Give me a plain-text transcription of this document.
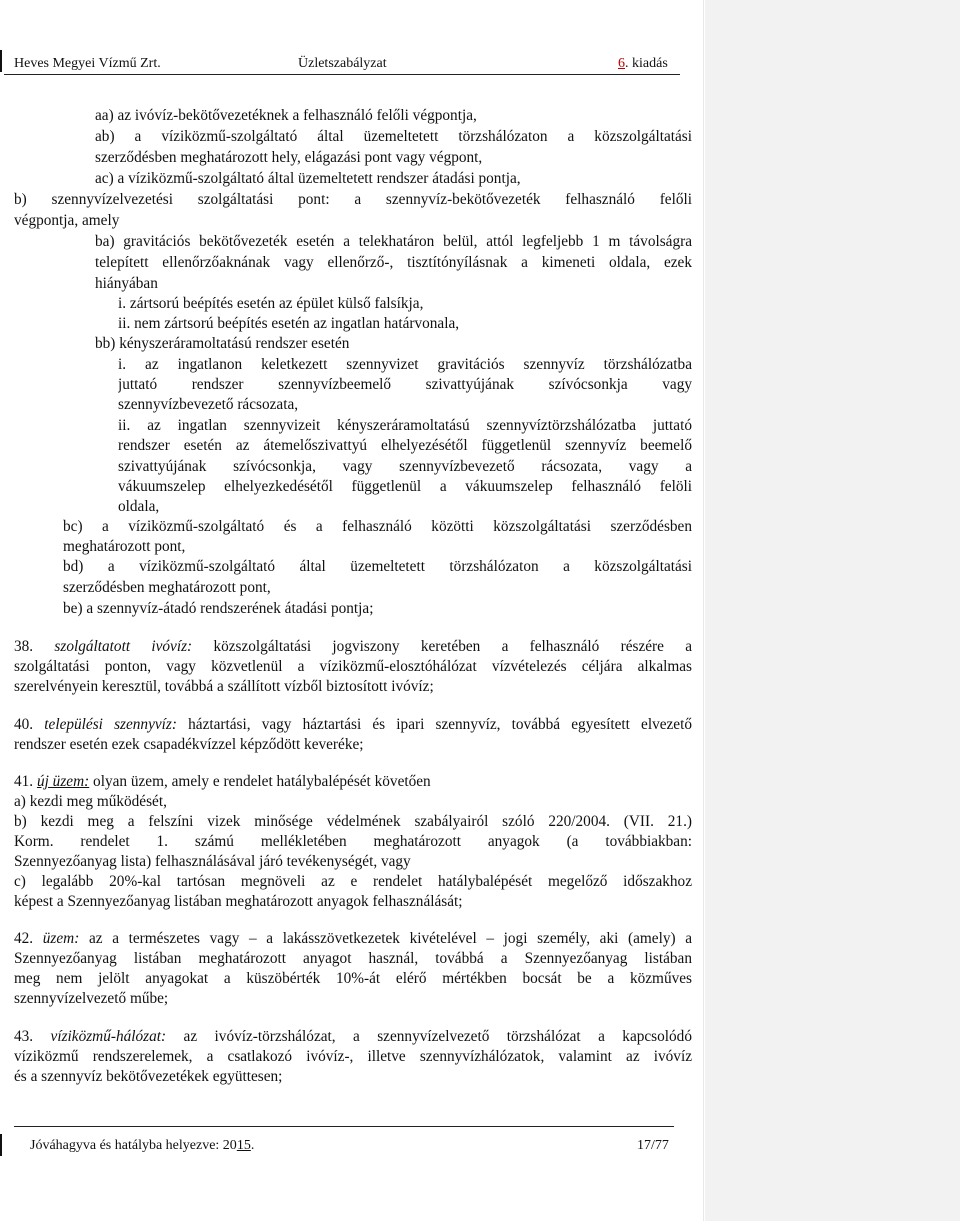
Heves Megyei Vízmű Zrt.	Üzletszabályzat	6. kiadás
aa) az ivóvíz-bekötővezetéknek a felhasználó felőli végpontja,
ab) a víziközmű-szolgáltató által üzemeltetett törzshálózaton a közszolgáltatási
szerződésben meghatározott hely, elágazási pont vagy végpont,
ac) a víziközmű-szolgáltató által üzemeltetett rendszer átadási pontja,
b) szennyvízelvezetési szolgáltatási pont: a szennyvíz-bekötővezeték felhasználó felőli
végpontja, amely
ba) gravitációs bekötővezeték esetén a telekhatáron belül, attól legfeljebb 1 m távolságra
telepített ellenőrzőaknának vagy ellenőrző-, tisztítónyílásnak a kimeneti oldala, ezek
hiányában
i. zártsorú beépítés esetén az épület külső falsíkja,
ii. nem zártsorú beépítés esetén az ingatlan határvonala,
bb) kényszeráramoltatású rendszer esetén
i. az ingatlanon keletkezett szennyvizet gravitációs szennyvíz törzshálózatba
juttató rendszer szennyvízbeemelő szivattyújának szívócsonkja vagy
szennyvízbevezető rácsozata,
ii. az ingatlan szennyvizeit kényszeráramoltatású szennyvíztörzshálózatba juttató
rendszer esetén az átemelőszivattyú elhelyezésétől függetlenül szennyvíz beemelő
szivattyújának szívócsonkja, vagy szennyvízbevezető rácsozata, vagy a
vákuumszelep elhelyezkedésétől függetlenül a vákuumszelep felhasználó felöli
oldala,
bc) a víziközmű-szolgáltató és a felhasználó közötti közszolgáltatási szerződésben
meghatározott pont,
bd) a víziközmű-szolgáltató által üzemeltetett törzshálózaton a közszolgáltatási
szerződésben meghatározott pont,
be) a szennyvíz-átadó rendszerének átadási pontja;
38. szolgáltatott ivóvíz: közszolgáltatási jogviszony keretében a felhasználó részére a
szolgáltatási ponton, vagy közvetlenül a víziközmű-elosztóhálózat vízvételezés céljára alkalmas
szerelvényein keresztül, továbbá a szállított vízből biztosított ivóvíz;
40. települési szennyvíz: háztartási, vagy háztartási és ipari szennyvíz, továbbá egyesített elvezető
rendszer esetén ezek csapadékvízzel képződött keveréke;
41. új üzem: olyan üzem, amely e rendelet hatálybalépését követően
a) kezdi meg működését,
b) kezdi meg a felszíni vizek minősége védelmének szabályairól szóló 220/2004. (VII. 21.)
Korm. rendelet 1. számú mellékletében meghatározott anyagok (a továbbiakban:
Szennyezőanyag lista) felhasználásával járó tevékenységét, vagy
c) legalább 20%-kal tartósan megnöveli az e rendelet hatálybalépését megelőző időszakhoz
képest a Szennyezőanyag listában meghatározott anyagok felhasználását;
42. üzem: az a természetes vagy – a lakásszövetkezetek kivételével – jogi személy, aki (amely) a
Szennyezőanyag listában meghatározott anyagot használ, továbbá a Szennyezőanyag listában
meg nem jelölt anyagokat a küszöbérték 10%-át elérő mértékben bocsát be a közműves
szennyvízelvezető műbe;
43. víziközmű-hálózat: az ivóvíz-törzshálózat, a szennyvízelvezető törzshálózat a kapcsolódó
víziközmű rendszerelemek, a csatlakozó ivóvíz-, illetve szennyvízhálózatok, valamint az ivóvíz
és a szennyvíz bekötővezetékek együttesen;
Jóváhagyva és hatályba helyezve: 2015.	17/77
